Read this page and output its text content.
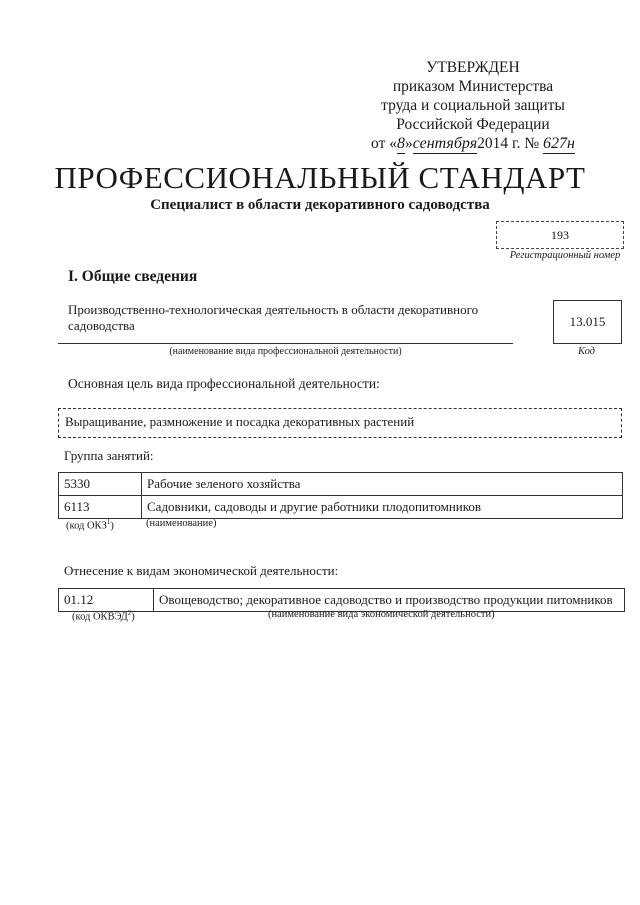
УТВЕРЖДЕН
приказом Министерства
труда и социальной защиты
Российской Федерации
от «8»сентября2014 г. № 627н
ПРОФЕССИОНАЛЬНЫЙ СТАНДАРТ
Специалист в области декоративного садоводства
193
Регистрационный номер
I. Общие сведения
Производственно-технологическая деятельность в области декоративного садоводства	13.015
(наименование вида профессиональной деятельности)	Код
Основная цель вида профессиональной деятельности:
Выращивание, размножение и посадка декоративных растений
Группа занятий:
5330	Рабочие зеленого хозяйства
6113	Садовники, садоводы и другие работники плодопитомников
(код ОКЗ$^1$)	(наименование)
Отнесение к видам экономической деятельности:
01.12	Овощеводство; декоративное садоводство и производство продукции питомников
(код ОКВЭД$^2$)	(наименование вида экономической деятельности)
